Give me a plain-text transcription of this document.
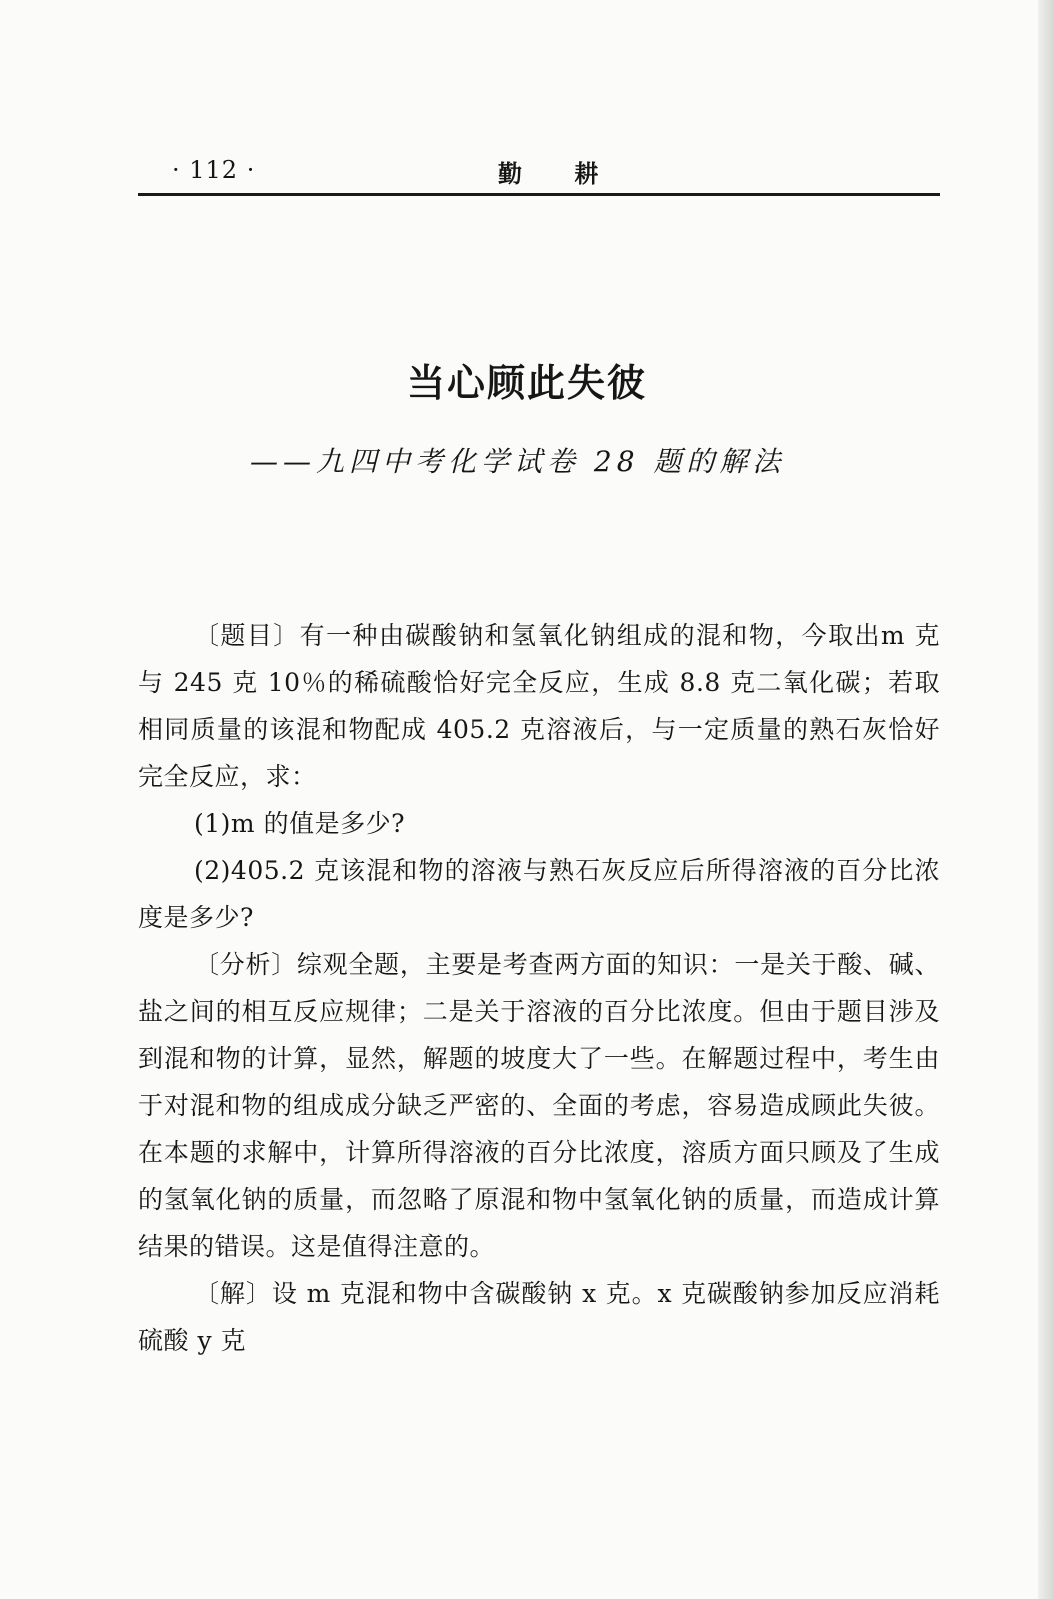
· 112 ·	勤 耕
当心顾此失彼
——九四中考化学试卷 28 题的解法

〔题目〕有一种由碳酸钠和氢氧化钠组成的混和物，今取出m 克与 245 克 10％的稀硫酸恰好完全反应，生成 8.8 克二氧化碳；若取相同质量的该混和物配成 405.2 克溶液后，与一定质量的熟石灰恰好完全反应，求：

(1)m 的值是多少?

(2)405.2 克该混和物的溶液与熟石灰反应后所得溶液的百分比浓度是多少?

〔分析〕综观全题，主要是考查两方面的知识：一是关于酸、碱、盐之间的相互反应规律；二是关于溶液的百分比浓度。但由于题目涉及到混和物的计算，显然，解题的坡度大了一些。在解题过程中，考生由于对混和物的组成成分缺乏严密的、全面的考虑，容易造成顾此失彼。在本题的求解中，计算所得溶液的百分比浓度，溶质方面只顾及了生成的氢氧化钠的质量，而忽略了原混和物中氢氧化钠的质量，而造成计算结果的错误。这是值得注意的。

〔解〕设 m 克混和物中含碳酸钠 x 克。x 克碳酸钠参加反应消耗硫酸 y 克
